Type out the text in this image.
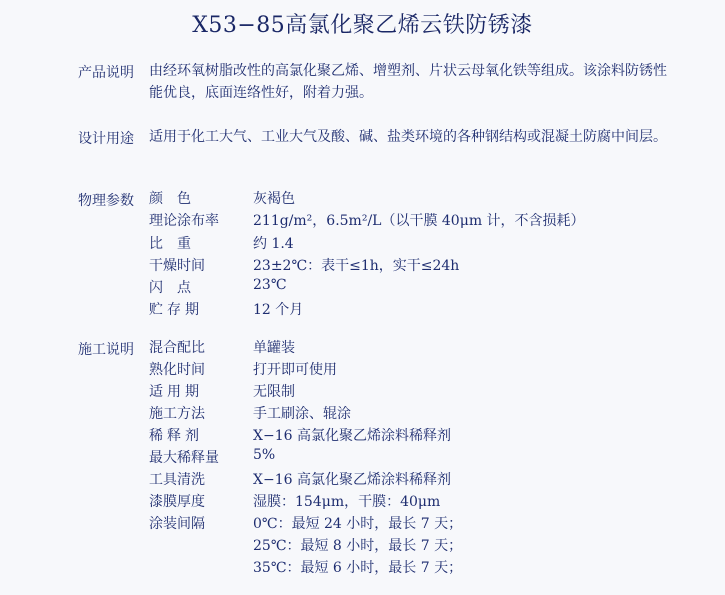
X53−85高氯化聚乙烯云铁防锈漆
产品说明 由经环氧树脂改性的高氯化聚乙烯、增塑剂、片状云母氧化铁等组成。该涂料防锈性能优良，底面连络性好，附着力强。
设计用途 适用于化工大气、工业大气及酸、碱、盐类环境的各种钢结构或混凝土防腐中间层。
物理参数 颜色	灰褐色
理论涂布率	211g/m²，6.5m²/L（以干膜 40μm 计，不含损耗）
比重	约 1.4
干燥时间	23±2℃：表干≤1h，实干≤24h
闪点	23℃
贮存期	12 个月
施工说明 混合配比	单罐装
熟化时间	打开即可使用
适用期	无限制
施工方法	手工刷涂、辊涂
稀释剂	X−16 高氯化聚乙烯涂料稀释剂
最大稀释量	5%
工具清洗	X−16 高氯化聚乙烯涂料稀释剂
漆膜厚度	湿膜：154μm，干膜：40μm
涂装间隔	0℃：最短 24 小时，最长 7 天；
25℃：最短 8 小时，最长 7 天；
35℃：最短 6 小时，最长 7 天；
